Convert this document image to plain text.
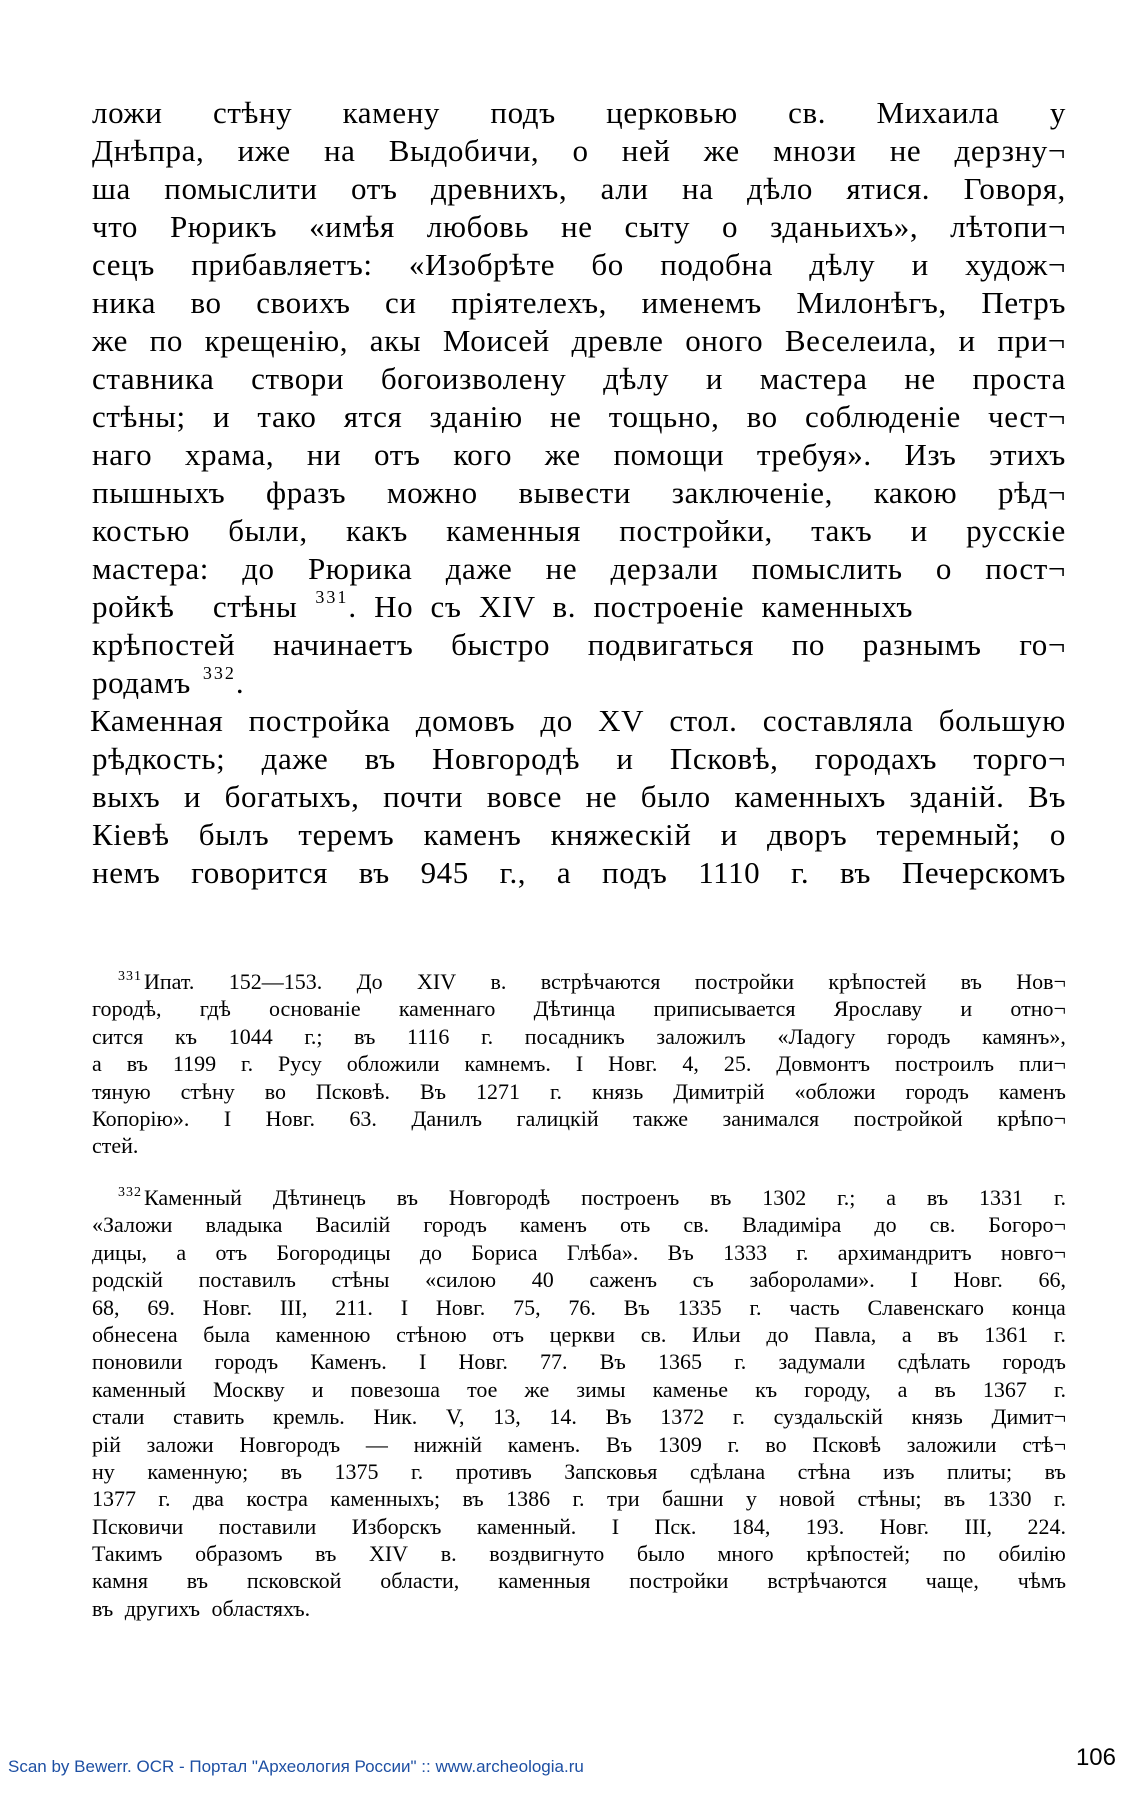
ложи стѣну камену подъ церковью св. Михаила у
Днѣпра, иже на Выдобичи, о ней же мнози не дерзну¬
ша помыслити отъ древнихъ, али на дѣло ятися. Говоря,
что Рюрикъ «имѣя любовь не сыту о зданьихъ», лѣтопи¬
сецъ прибавляетъ: «Изобрѣте бо подобна дѣлу и худож¬
ника во своихъ си пріятелехъ, именемъ Милонѣгъ, Петръ
же по крещенію, акы Моисей древле оного Веселеила, и при¬
ставника створи богоизволену дѣлу и мастера не проста
стѣны; и тако ятся зданію не тощьно, во соблюденіе чест¬
наго храма, ни отъ кого же помощи требуя». Изъ этихъ
пышныхъ фразъ можно вывести заключеніе, какою рѣд¬
костью были, какъ каменныя постройки, такъ и русскіе
мастера: до Рюрика даже не дерзали помыслить о пост¬
ройкѣ стѣны 331 . Но съ XIV в. построеніе каменныхъ
крѣпостей начинаетъ быстро подвигаться по разнымъ го¬
родамъ 332 .
Каменная постройка домовъ до XV стол. составляла большую
рѣдкость; даже въ Новгородѣ и Псковѣ, городахъ торго¬
выхъ и богатыхъ, почти вовсе не было каменныхъ зданій. Въ
Кіевѣ былъ теремъ каменъ княжескій и дворъ теремный; о
немъ говорится въ 945 г., а подъ 1110 г. въ Печерскомъ
$^{331}$ Ипат. 152—153. До XIV в. встрѣчаются постройки крѣпостей въ Нов¬
городѣ, гдѣ основаніе каменнаго Дѣтинца приписывается Ярославу и отно¬
сится къ 1044 г.; въ 1116 г. посадникъ заложилъ «Ладогу городъ камянъ»,
а въ 1199 г. Русу обложили камнемъ. I Новг. 4, 25. Довмонтъ построилъ пли¬
тяную стѣну во Псковѣ. Въ 1271 г. князь Димитрій «обложи городъ каменъ
Копорію». I Новг. 63. Данилъ галицкій также занимался постройкой крѣпо¬
стей.
$^{332}$ Каменный Дѣтинецъ въ Новгородѣ построенъ въ 1302 г.; а въ 1331 г.
«Заложи владыка Василій городъ каменъ оть св. Владиміра до св. Богоро¬
дицы, а отъ Богородицы до Бориса Глѣба». Въ 1333 г. архимандритъ новго¬
родскій поставилъ стѣны «силою 40 саженъ съ заборолами». I Новг. 66,
68, 69. Новг. III, 211. I Новг. 75, 76. Въ 1335 г. часть Славенскаго конца
обнесена была каменною стѣною отъ церкви св. Ильи до Павла, а въ 1361 г.
поновили городъ Каменъ. I Новг. 77. Въ 1365 г. задумали сдѣлать городъ
каменный Москву и повезоша тое же зимы каменье къ городу, а въ 1367 г.
стали ставить кремль. Ник. V, 13, 14. Въ 1372 г. суздальскій князь Димит¬
рій заложи Новгородъ — нижній каменъ. Въ 1309 г. во Псковѣ заложили стѣ¬
ну каменную; въ 1375 г. противъ Запсковья сдѣлана стѣна изъ плиты; въ
1377 г. два костра каменныхъ; въ 1386 г. три башни у новой стѣны; въ 1330 г.
Псковичи поставили Изборскъ каменный. I Пск. 184, 193. Новг. III, 224.
Такимъ образомъ въ XIV в. воздвигнуто было много крѣпостей; по обилію
камня въ псковской области, каменныя постройки встрѣчаются чаще, чѣмъ
въ другихъ областяхъ.
Scan by Bewerr. OCR - Портал "Археология России" :: www.archeologia.ru	106
